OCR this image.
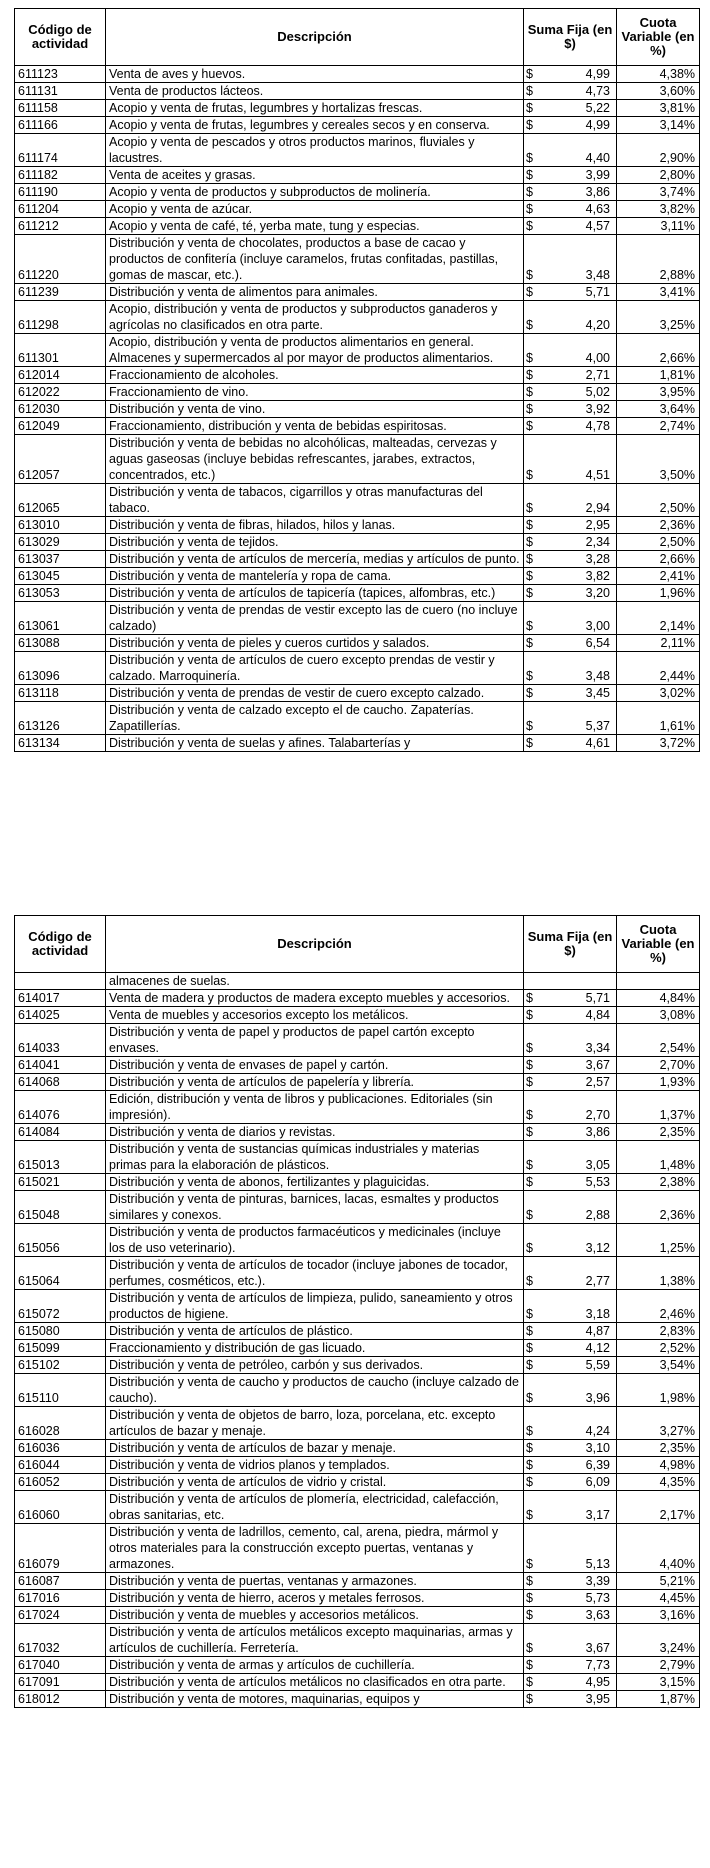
Código de actividad	Descripción	Suma Fija (en $)		Cuota Variable (en %)
611123	Venta de aves y huevos.	$	4,99	4,38%
611131	Venta de productos lácteos.	$	4,73	3,60%
611158	Acopio y venta de frutas, legumbres y hortalizas frescas.	$	5,22	3,81%
611166	Acopio y venta de frutas, legumbres y cereales secos y en conserva.	$	4,99	3,14%
611174	Acopio y venta de pescados y otros productos marinos, fluviales y lacustres.	$	4,40	2,90%
611182	Venta de aceites y grasas.	$	3,99	2,80%
611190	Acopio y venta de productos y subproductos de molinería.	$	3,86	3,74%
611204	Acopio y venta de azúcar.	$	4,63	3,82%
611212	Acopio y venta de café, té, yerba mate, tung y especias.	$	4,57	3,11%
611220	Distribución y venta de chocolates, productos a base de cacao y productos de confitería (incluye caramelos, frutas confitadas, pastillas, gomas de mascar, etc.).	$	3,48	2,88%
611239	Distribución y venta de alimentos para animales.	$	5,71	3,41%
611298	Acopio, distribución y venta de productos y subproductos ganaderos y agrícolas no clasificados en otra parte.	$	4,20	3,25%
611301	Acopio, distribución y venta de productos alimentarios en general. Almacenes y supermercados al por mayor de productos alimentarios.	$	4,00	2,66%
612014	Fraccionamiento de alcoholes.	$	2,71	1,81%
612022	Fraccionamiento de vino.	$	5,02	3,95%
612030	Distribución y venta de vino.	$	3,92	3,64%
612049	Fraccionamiento, distribución y venta de bebidas espiritosas.	$	4,78	2,74%
612057	Distribución y venta de bebidas no alcohólicas, malteadas, cervezas y aguas gaseosas (incluye bebidas refrescantes, jarabes, extractos, concentrados, etc.)	$	4,51	3,50%
612065	Distribución y venta de tabacos, cigarrillos y otras manufacturas del tabaco.	$	2,94	2,50%
613010	Distribución y venta de fibras, hilados, hilos y lanas.	$	2,95	2,36%
613029	Distribución y venta de tejidos.	$	2,34	2,50%
613037	Distribución y venta de artículos de mercería, medias y artículos de punto.	$	3,28	2,66%
613045	Distribución y venta de mantelería y ropa de cama.	$	3,82	2,41%
613053	Distribución y venta de artículos de tapicería (tapices, alfombras, etc.)	$	3,20	1,96%
613061	Distribución y venta de prendas de vestir excepto las de cuero (no incluye calzado)	$	3,00	2,14%
613088	Distribución y venta de pieles y cueros curtidos y salados.	$	6,54	2,11%
613096	Distribución y venta de artículos de cuero excepto prendas de vestir y calzado. Marroquinería.	$	3,48	2,44%
613118	Distribución y venta de prendas de vestir de cuero excepto calzado.	$	3,45	3,02%
613126	Distribución y venta de calzado excepto el de caucho. Zapaterías. Zapatillerías.	$	5,37	1,61%
613134	Distribución y venta de suelas y afines. Talabarterías y	$	4,61	3,72%
Código de actividad	Descripción	Suma Fija (en $)		Cuota Variable (en %)
	almacenes de suelas.			
614017	Venta de madera y productos de madera excepto muebles y accesorios.	$	5,71	4,84%
614025	Venta de muebles y accesorios excepto los metálicos.	$	4,84	3,08%
614033	Distribución y venta de papel y productos de papel cartón excepto envases.	$	3,34	2,54%
614041	Distribución y venta de envases de papel y cartón.	$	3,67	2,70%
614068	Distribución y venta de artículos de papelería y librería.	$	2,57	1,93%
614076	Edición, distribución y venta de libros y publicaciones. Editoriales (sin impresión).	$	2,70	1,37%
614084	Distribución y venta de diarios y revistas.	$	3,86	2,35%
615013	Distribución y venta de sustancias químicas industriales y materias primas para la elaboración de plásticos.	$	3,05	1,48%
615021	Distribución y venta de abonos, fertilizantes y plaguicidas.	$	5,53	2,38%
615048	Distribución y venta de pinturas, barnices, lacas, esmaltes y productos similares y conexos.	$	2,88	2,36%
615056	Distribución y venta de productos farmacéuticos y medicinales (incluye los de uso veterinario).	$	3,12	1,25%
615064	Distribución y venta de artículos de tocador (incluye jabones de tocador, perfumes, cosméticos, etc.).	$	2,77	1,38%
615072	Distribución y venta de artículos de limpieza, pulido, saneamiento y otros productos de higiene.	$	3,18	2,46%
615080	Distribución y venta de artículos de plástico.	$	4,87	2,83%
615099	Fraccionamiento y distribución de gas licuado.	$	4,12	2,52%
615102	Distribución y venta de petróleo, carbón y sus derivados.	$	5,59	3,54%
615110	Distribución y venta de caucho y productos de caucho (incluye calzado de caucho).	$	3,96	1,98%
616028	Distribución y venta de objetos de barro, loza, porcelana, etc. excepto artículos de bazar y menaje.	$	4,24	3,27%
616036	Distribución y venta de artículos de bazar y menaje.	$	3,10	2,35%
616044	Distribución y venta de vidrios planos y templados.	$	6,39	4,98%
616052	Distribución y venta de artículos de vidrio y cristal.	$	6,09	4,35%
616060	Distribución y venta de artículos de plomería, electricidad, calefacción, obras sanitarias, etc.	$	3,17	2,17%
616079	Distribución y venta de ladrillos, cemento, cal, arena, piedra, mármol y otros materiales para la construcción excepto puertas, ventanas y armazones.	$	5,13	4,40%
616087	Distribución y venta de puertas, ventanas y armazones.	$	3,39	5,21%
617016	Distribución y venta de hierro, aceros y metales ferrosos.	$	5,73	4,45%
617024	Distribución y venta de muebles y accesorios metálicos.	$	3,63	3,16%
617032	Distribución y venta de artículos metálicos excepto maquinarias, armas y artículos de cuchillería. Ferretería.	$	3,67	3,24%
617040	Distribución y venta de armas y artículos de cuchillería.	$	7,73	2,79%
617091	Distribución y venta de artículos metálicos no clasificados en otra parte.	$	4,95	3,15%
618012	Distribución y venta de motores, maquinarias, equipos y	$	3,95	1,87%
